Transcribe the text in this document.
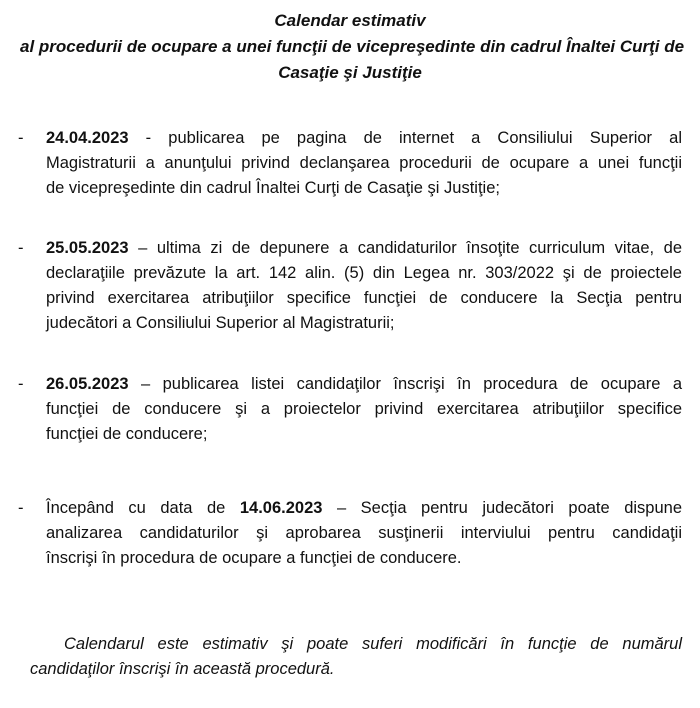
Calendar estimativ
al procedurii de ocupare a unei funcţii de vicepreşedinte din cadrul Înaltei Curţi de
Casaţie şi Justiţie
- 24.04.2023 - publicarea pe pagina de internet a Consiliului Superior al
Magistraturii a anunţului privind declanşarea procedurii de ocupare a unei funcţii
de vicepreşedinte din cadrul Înaltei Curţi de Casaţie şi Justiţie;
- 25.05.2023 – ultima zi de depunere a candidaturilor însoţite curriculum vitae, de
declaraţiile prevăzute la art. 142 alin. (5) din Legea nr. 303/2022 şi de proiectele
privind exercitarea atribuţiilor specifice funcţiei de conducere la Secţia pentru
judecători a Consiliului Superior al Magistraturii;
- 26.05.2023 – publicarea listei candidaţilor înscrişi în procedura de ocupare a
funcţiei de conducere şi a proiectelor privind exercitarea atribuţiilor specifice
funcţiei de conducere;
- Începând cu data de 14.06.2023 – Secţia pentru judecători poate dispune
analizarea candidaturilor şi aprobarea susţinerii interviului pentru candidaţii
înscrişi în procedura de ocupare a funcţiei de conducere.
Calendarul este estimativ şi poate suferi modificări în funcţie de numărul
candidaţilor înscrişi în această procedură.
